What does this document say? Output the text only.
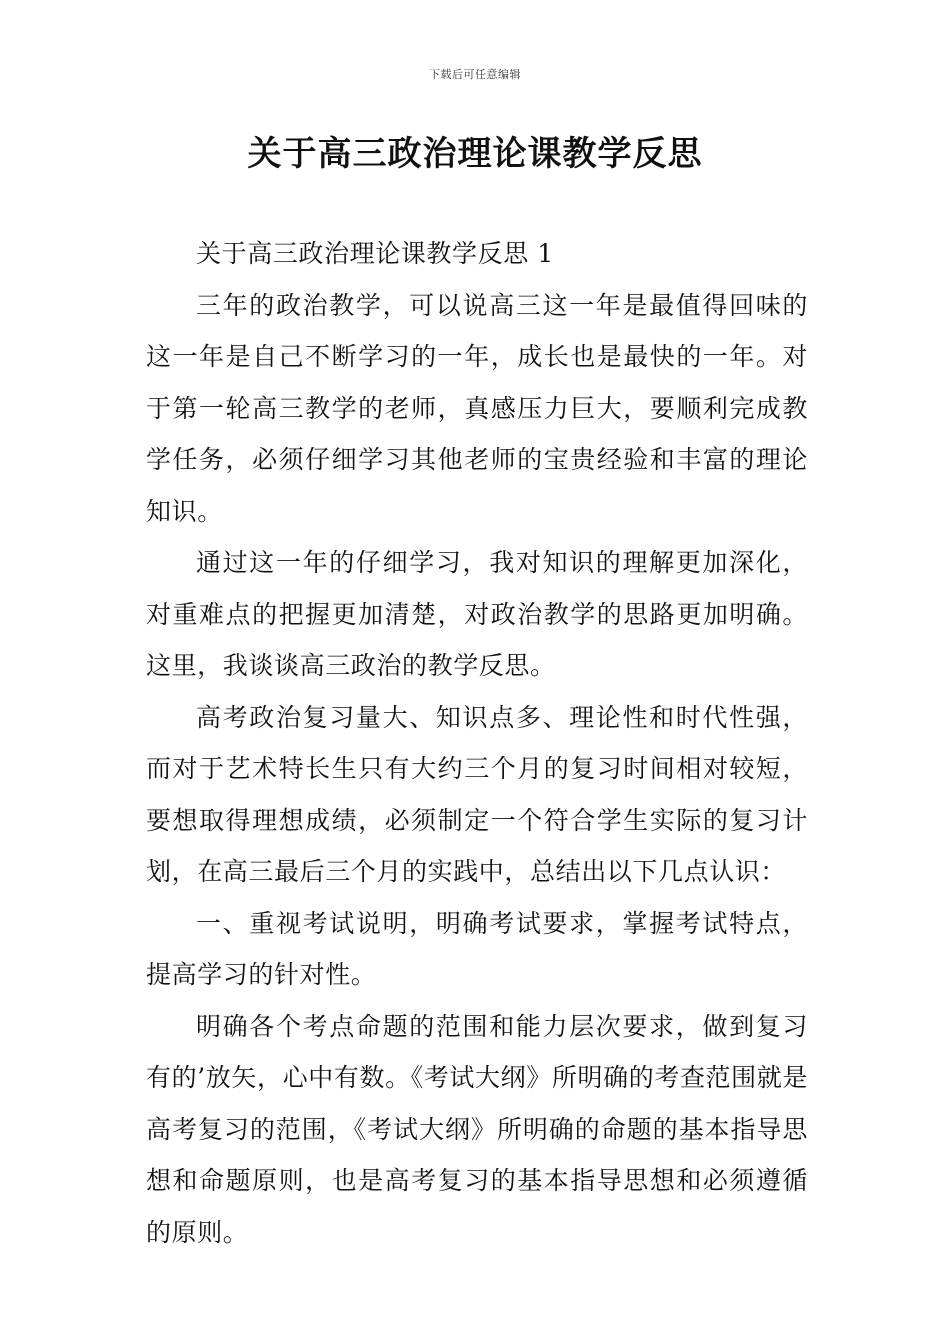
下载后可任意编辑
关于高三政治理论课教学反思

关于高三政治理论课教学反思 1

三年的政治教学，可以说高三这一年是最值得回味的这一年是自己不断学习的一年，成长也是最快的一年。对于第一轮高三教学的老师，真感压力巨大，要顺利完成教学任务，必须仔细学习其他老师的宝贵经验和丰富的理论知识。

通过这一年的仔细学习，我对知识的理解更加深化，对重难点的把握更加清楚，对政治教学的思路更加明确。这里，我谈谈高三政治的教学反思。

高考政治复习量大、知识点多、理论性和时代性强，而对于艺术特长生只有大约三个月的复习时间相对较短，要想取得理想成绩，必须制定一个符合学生实际的复习计划，在高三最后三个月的实践中，总结出以下几点认识：

一、重视考试说明，明确考试要求，掌握考试特点，提高学习的针对性。

明确各个考点命题的范围和能力层次要求，做到复习有的’放矢，心中有数。《考试大纲》所明确的考查范围就是高考复习的范围，《考试大纲》所明确的命题的基本指导思想和命题原则，也是高考复习的基本指导思想和必须遵循的原则。
